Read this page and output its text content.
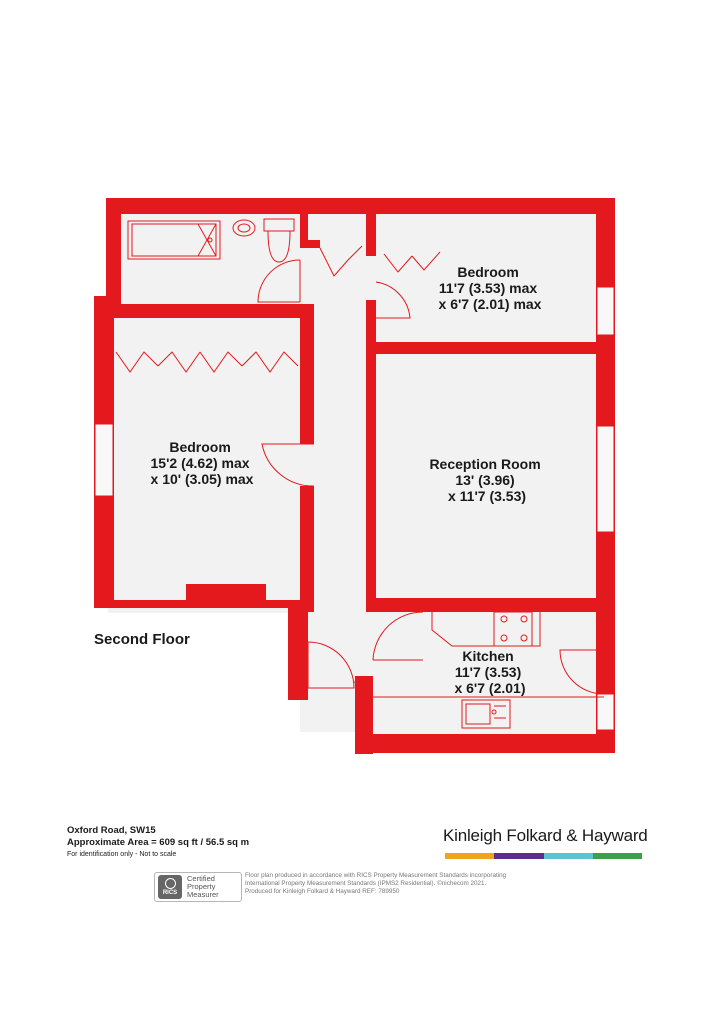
Bedroom 11'7 (3.53) max x 6'7 (2.01) max
Bedroom 15'2 (4.62) max x 10' (3.05) max
Reception Room 13' (3.96) x 11'7 (3.53)
Kitchen 11'7 (3.53) x 6'7 (2.01)
Second Floor
Oxford Road, SW15
Approximate Area = 609 sq ft / 56.5 sq m
For identification only - Not to scale
Kinleigh Folkard & Hayward
RICS
Certified
Property
Measurer
Floor plan produced in accordance with RICS Property Measurement Standards incorporating
International Property Measurement Standards (IPMS2 Residential). ©nichecom 2021.
Produced for Kinleigh Folkard & Hayward REF: 789950
